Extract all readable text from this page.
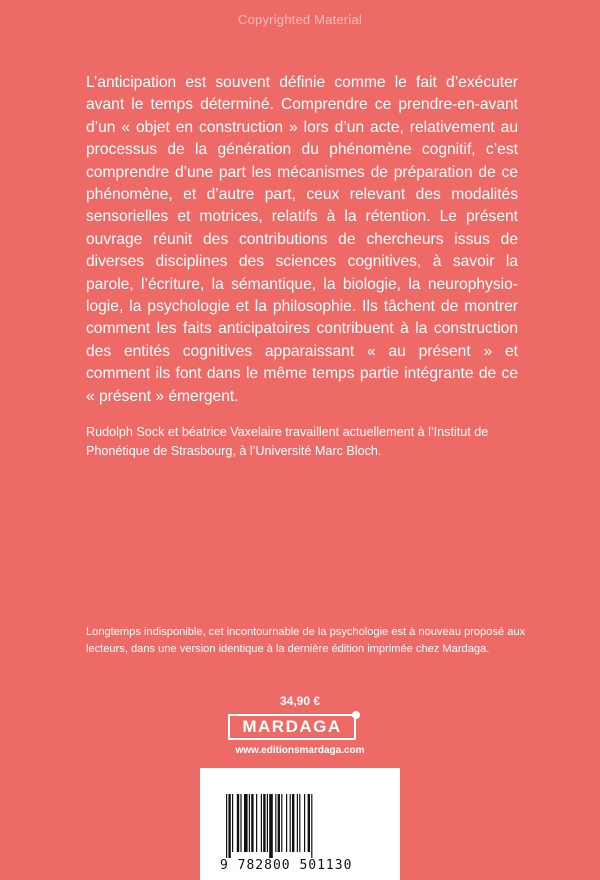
Copyrighted Material

L’anticipation est souvent définie comme le fait d’exécuter avant le temps déterminé. Comprendre ce prendre-en-avant d’un « objet en construction » lors d’un acte, relativement au processus de la génération du phénomène cognitif, c’est comprendre d’une part les mécanismes de préparation de ce phénomène, et d’autre part, ceux relevant des modalités sensorielles et motrices, relatifs à la rétention. Le présent ouvrage réunit des contributions de chercheurs issus de diverses disciplines des sciences cognitives, à savoir la parole, l’écriture, la sémantique, la biologie, la neurophysiologie, la psychologie et la philosophie. Ils tâchent de montrer comment les faits anticipatoires contribuent à la construction des entités cognitives apparaissant « au présent » et comment ils font dans le même temps partie intégrante de ce « présent » émergent.

Rudolph Sock et béatrice Vaxelaire travaillent actuellement à l’Institut de Phonétique de Strasbourg, à l’Université Marc Bloch.

Longtemps indisponible, cet incontournable de la psychologie est à nouveau proposé aux lecteurs, dans une version identique à la dernière édition imprimée chez Mardaga.

34,90 €
MARDAGA
www.editionsmardaga.com
9 782800 501130
